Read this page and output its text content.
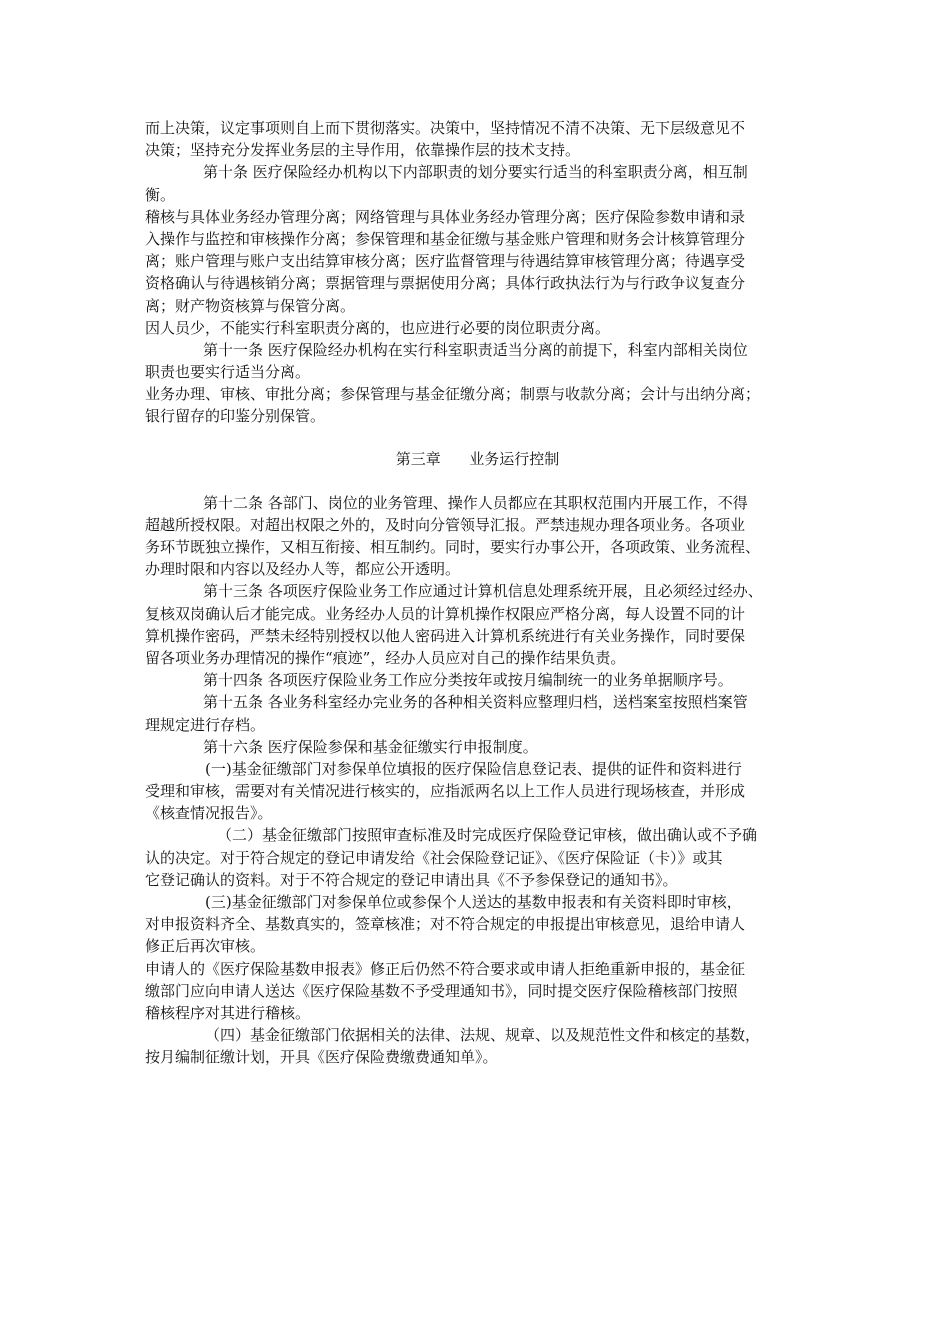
而上决策，议定事项则自上而下贯彻落实。决策中，坚持情况不清不决策、无下层级意见不
决策；坚持充分发挥业务层的主导作用，依靠操作层的技术支持。
第十条 医疗保险经办机构以下内部职责的划分要实行适当的科室职责分离，相互制
衡。
稽核与具体业务经办管理分离；网络管理与具体业务经办管理分离；医疗保险参数申请和录
入操作与监控和审核操作分离；参保管理和基金征缴与基金账户管理和财务会计核算管理分
离；账户管理与账户支出结算审核分离；医疗监督管理与待遇结算审核管理分离；待遇享受
资格确认与待遇核销分离；票据管理与票据使用分离；具体行政执法行为与行政争议复查分
离；财产物资核算与保管分离。
因人员少，不能实行科室职责分离的，也应进行必要的岗位职责分离。
第十一条 医疗保险经办机构在实行科室职责适当分离的前提下，科室内部相关岗位
职责也要实行适当分离。
业务办理、审核、审批分离；参保管理与基金征缴分离；制票与收款分离；会计与出纳分离；
银行留存的印鉴分别保管。
第三章      业务运行控制
第十二条 各部门、岗位的业务管理、操作人员都应在其职权范围内开展工作，不得
超越所授权限。对超出权限之外的，及时向分管领导汇报。严禁违规办理各项业务。各项业
务环节既独立操作，又相互衔接、相互制约。同时，要实行办事公开，各项政策、业务流程、
办理时限和内容以及经办人等，都应公开透明。
第十三条 各项医疗保险业务工作应通过计算机信息处理系统开展，且必须经过经办、
复核双岗确认后才能完成。业务经办人员的计算机操作权限应严格分离，每人设置不同的计
算机操作密码，严禁未经特别授权以他人密码进入计算机系统进行有关业务操作，同时要保
留各项业务办理情况的操作“痕迹”，经办人员应对自己的操作结果负责。
第十四条 各项医疗保险业务工作应分类按年或按月编制统一的业务单据顺序号。
第十五条 各业务科室经办完业务的各种相关资料应整理归档，送档案室按照档案管
理规定进行存档。
第十六条 医疗保险参保和基金征缴实行申报制度。
(一)基金征缴部门对参保单位填报的医疗保险信息登记表、提供的证件和资料进行
受理和审核，需要对有关情况进行核实的，应指派两名以上工作人员进行现场核查，并形成
《核查情况报告》。
（二）基金征缴部门按照审查标准及时完成医疗保险登记审核，做出确认或不予确
认的决定。对于符合规定的登记申请发给《社会保险登记证》、《医疗保险证（卡）》或其
它登记确认的资料。对于不符合规定的登记申请出具《不予参保登记的通知书》。
(三)基金征缴部门对参保单位或参保个人送达的基数申报表和有关资料即时审核，
对申报资料齐全、基数真实的，签章核准；对不符合规定的申报提出审核意见，退给申请人
修正后再次审核。
申请人的《医疗保险基数申报表》修正后仍然不符合要求或申请人拒绝重新申报的，基金征
缴部门应向申请人送达《医疗保险基数不予受理通知书》，同时提交医疗保险稽核部门按照
稽核程序对其进行稽核。
（四）基金征缴部门依据相关的法律、法规、规章、以及规范性文件和核定的基数，
按月编制征缴计划，开具《医疗保险费缴费通知单》。
